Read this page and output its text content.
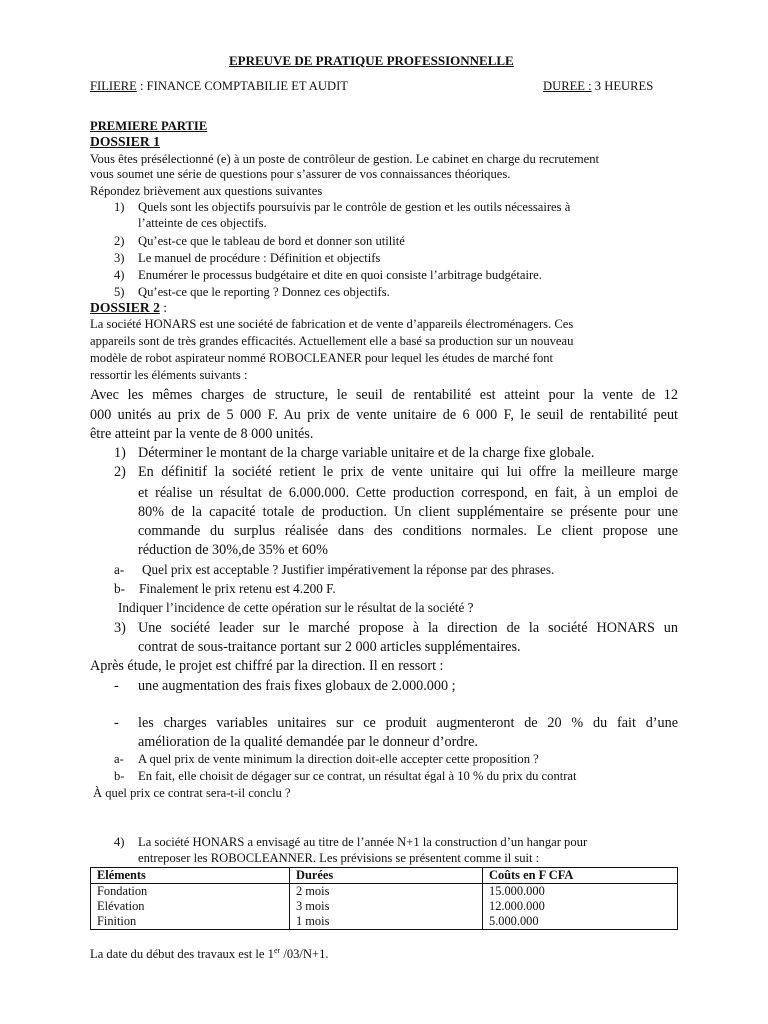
EPREUVE DE PRATIQUE PROFESSIONNELLE
FILIERE : FINANCE COMPTABILIE ET AUDIT	DUREE : 3 HEURES
PREMIERE PARTIE
DOSSIER 1
Vous êtes présélectionné (e) à un poste de contrôleur de gestion. Le cabinet en charge du recrutement
vous soumet une série de questions pour s’assurer de vos connaissances théoriques.
Répondez brièvement aux questions suivantes
1) Quels sont les objectifs poursuivis par le contrôle de gestion et les outils nécessaires à
l’atteinte de ces objectifs.
2) Qu’est-ce que le tableau de bord et donner son utilité
3) Le manuel de procédure : Définition et objectifs
4) Enumérer le processus budgétaire et dite en quoi consiste l’arbitrage budgétaire.
5) Qu’est-ce que le reporting ? Donnez ces objectifs.
DOSSIER 2 :
La société HONARS est une société de fabrication et de vente d’appareils électroménagers. Ces
appareils sont de très grandes efficacités. Actuellement elle a basé sa production sur un nouveau
modèle de robot aspirateur nommé ROBOCLEANER pour lequel les études de marché font
ressortir les éléments suivants :
Avec les mêmes charges de structure, le seuil de rentabilité est atteint pour la vente de 12
000 unités au prix de 5 000 F. Au prix de vente unitaire de 6 000 F, le seuil de rentabilité peut
être atteint par la vente de 8 000 unités.
1) Déterminer le montant de la charge variable unitaire et de la charge fixe globale.
2) En définitif la société retient le prix de vente unitaire qui lui offre la meilleure marge
et réalise un résultat de 6.000.000. Cette production correspond, en fait, à un emploi de
80% de la capacité totale de production. Un client supplémentaire se présente pour une
commande du surplus réalisée dans des conditions normales. Le client propose une
réduction de 30%,de 35% et 60%
a- Quel prix est acceptable ? Justifier impérativement la réponse par des phrases.
b- Finalement le prix retenu est 4.200 F.
Indiquer l’incidence de cette opération sur le résultat de la société ?
3) Une société leader sur le marché propose à la direction de la société HONARS un
contrat de sous-traitance portant sur 2 000 articles supplémentaires.
Après étude, le projet est chiffré par la direction. Il en ressort :
- une augmentation des frais fixes globaux de 2.000.000 ;
- les charges variables unitaires sur ce produit augmenteront de 20 % du fait d’une
amélioration de la qualité demandée par le donneur d’ordre.
a- A quel prix de vente minimum la direction doit-elle accepter cette proposition ?
b- En fait, elle choisit de dégager sur ce contrat, un résultat égal à 10 % du prix du contrat
À quel prix ce contrat sera-t-il conclu ?
4) La société HONARS a envisagé au titre de l’année N+1 la construction d’un hangar pour
entreposer les ROBOCLEANNER. Les prévisions se présentent comme il suit :
Eléments	Durées	Coûts en F CFA
Fondation	2 mois	15.000.000
Elévation	3 mois	12.000.000
Finition	1 mois	5.000.000
La date du début des travaux est le 1er /03/N+1.
